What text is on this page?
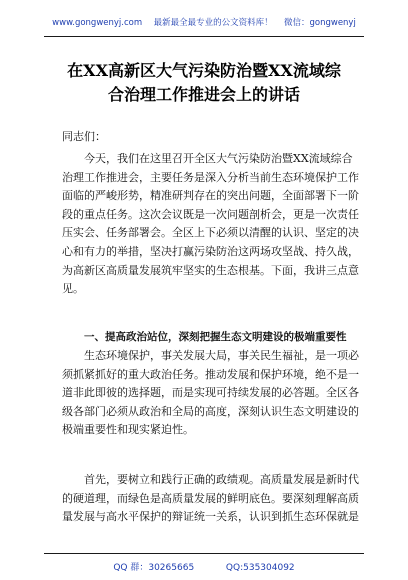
www.gongwenyj.com 最新最全最专业的公文资料库！ 微信：gongwenyj
在XX高新区大气污染防治暨XX流域综
合治理工作推进会上的讲话
同志们：
今天，我们在这里召开全区大气污染防治暨XX流域综合
治理工作推进会，主要任务是深入分析当前生态环境保护工作
面临的严峻形势，精准研判存在的突出问题，全面部署下一阶
段的重点任务。这次会议既是一次问题剖析会，更是一次责任
压实会、任务部署会。全区上下必须以清醒的认识、坚定的决
心和有力的举措，坚决打赢污染防治这两场攻坚战、持久战，
为高新区高质量发展筑牢坚实的生态根基。下面，我讲三点意
见。
一、提高政治站位，深刻把握生态文明建设的极端重要性
生态环境保护，事关发展大局，事关民生福祉，是一项必
须抓紧抓好的重大政治任务。推动发展和保护环境，绝不是一
道非此即彼的选择题，而是实现可持续发展的必答题。全区各
级各部门必须从政治和全局的高度，深刻认识生态文明建设的
极端重要性和现实紧迫性。
首先，要树立和践行正确的政绩观。高质量发展是新时代
的硬道理，而绿色是高质量发展的鲜明底色。要深刻理解高质
量发展与高水平保护的辩证统一关系，认识到抓生态环保就是
QQ 群：30265665	QQ:535304092
